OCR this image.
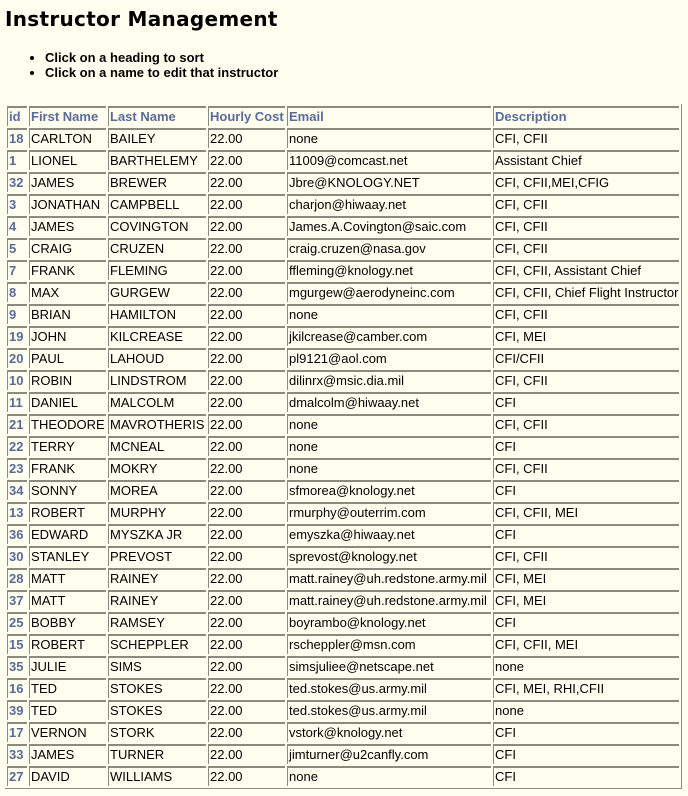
Instructor Management
• Click on a heading to sort
• Click on a name to edit that instructor
id	First Name	Last Name	Hourly Cost	Email	Description
18	CARLTON	BAILEY	22.00	none	CFI, CFII
1	LIONEL	BARTHELEMY	22.00	11009@comcast.net	Assistant Chief
32	JAMES	BREWER	22.00	Jbre@KNOLOGY.NET	CFI, CFII,MEI,CFIG
3	JONATHAN	CAMPBELL	22.00	charjon@hiwaay.net	CFI, CFII
4	JAMES	COVINGTON	22.00	James.A.Covington@saic.com	CFI, CFII
5	CRAIG	CRUZEN	22.00	craig.cruzen@nasa.gov	CFI, CFII
7	FRANK	FLEMING	22.00	ffleming@knology.net	CFI, CFII, Assistant Chief
8	MAX	GURGEW	22.00	mgurgew@aerodyneinc.com	CFI, CFII, Chief Flight Instructor
9	BRIAN	HAMILTON	22.00	none	CFI, CFII
19	JOHN	KILCREASE	22.00	jkilcrease@camber.com	CFI, MEI
20	PAUL	LAHOUD	22.00	pl9121@aol.com	CFI/CFII
10	ROBIN	LINDSTROM	22.00	dilinrx@msic.dia.mil	CFI, CFII
11	DANIEL	MALCOLM	22.00	dmalcolm@hiwaay.net	CFI
21	THEODORE	MAVROTHERIS	22.00	none	CFI, CFII
22	TERRY	MCNEAL	22.00	none	CFI
23	FRANK	MOKRY	22.00	none	CFI, CFII
34	SONNY	MOREA	22.00	sfmorea@knology.net	CFI
13	ROBERT	MURPHY	22.00	rmurphy@outerrim.com	CFI, CFII, MEI
36	EDWARD	MYSZKA JR	22.00	emyszka@hiwaay.net	CFI
30	STANLEY	PREVOST	22.00	sprevost@knology.net	CFI, CFII
28	MATT	RAINEY	22.00	matt.rainey@uh.redstone.army.mil	CFI, MEI
37	MATT	RAINEY	22.00	matt.rainey@uh.redstone.army.mil	CFI, MEI
25	BOBBY	RAMSEY	22.00	boyrambo@knology.net	CFI
15	ROBERT	SCHEPPLER	22.00	rscheppler@msn.com	CFI, CFII, MEI
35	JULIE	SIMS	22.00	simsjuliee@netscape.net	none
16	TED	STOKES	22.00	ted.stokes@us.army.mil	CFI, MEI, RHI,CFII
39	TED	STOKES	22.00	ted.stokes@us.army.mil	none
17	VERNON	STORK	22.00	vstork@knology.net	CFI
33	JAMES	TURNER	22.00	jimturner@u2canfly.com	CFI
27	DAVID	WILLIAMS	22.00	none	CFI
